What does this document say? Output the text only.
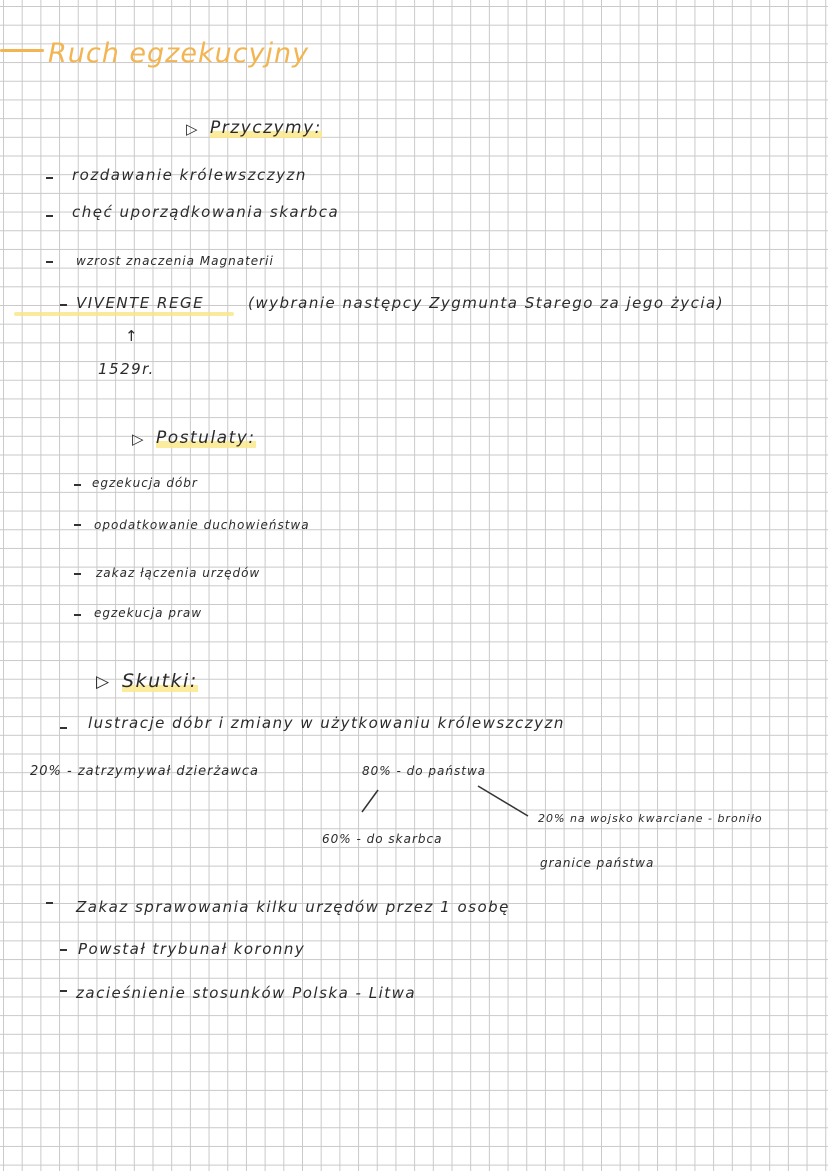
Ruch egzekucyjny
▷ Przyczymy:
rozdawanie królewszczyzn
chęć uporządkowania skarbca
wzrost znaczenia Magnaterii
VIVENTE REGE	(wybranie następcy Zygmunta Starego za jego życia)
↑
1529r.
▷ Postulaty:
egzekucja dóbr
opodatkowanie duchowieństwa
zakaz łączenia urzędów
egzekucja praw
▷ Skutki:
lustracje dóbr i zmiany w użytkowaniu królewszczyzn
20% - zatrzymywał dzierżawca	80% - do państwa
60% - do skarbca
20% na wojsko kwarciane - broniło
granice państwa
Zakaz sprawowania kilku urzędów przez 1 osobę
Powstał trybunał koronny
zacieśnienie stosunków Polska - Litwa
